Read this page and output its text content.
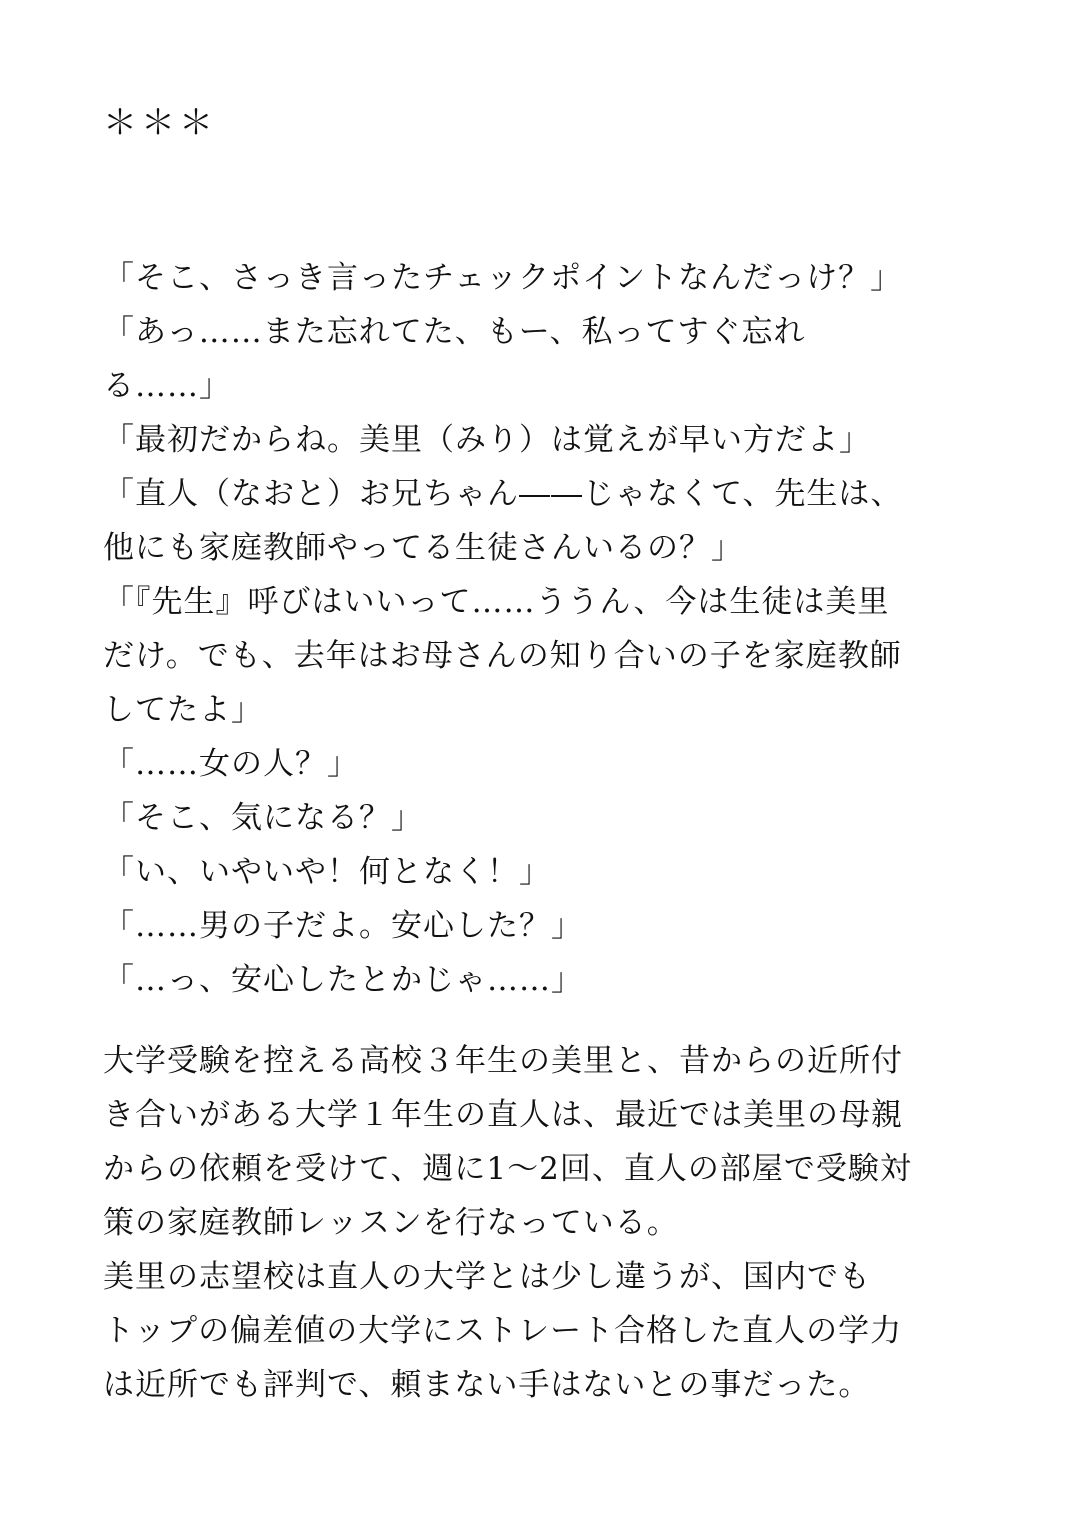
＊＊＊
「そこ、さっき言ったチェックポイントなんだっけ？」
「あっ……また忘れてた、もー、私ってすぐ忘れ
る……」
「最初だからね。美里（みり）は覚えが早い方だよ」
「直人（なおと）お兄ちゃん――じゃなくて、先生は、
他にも家庭教師やってる生徒さんいるの？」
「『先生』呼びはいいって……ううん、今は生徒は美里
だけ。でも、去年はお母さんの知り合いの子を家庭教師
してたよ」
「……女の人？」
「そこ、気になる？」
「い、いやいや！何となく！」
「……男の子だよ。安心した？」
「…っ、安心したとかじゃ……」
大学受験を控える高校３年生の美里と、昔からの近所付
き合いがある大学１年生の直人は、最近では美里の母親
からの依頼を受けて、週に1〜2回、直人の部屋で受験対
策の家庭教師レッスンを行なっている。
美里の志望校は直人の大学とは少し違うが、国内でも
トップの偏差値の大学にストレート合格した直人の学力
は近所でも評判で、頼まない手はないとの事だった。
